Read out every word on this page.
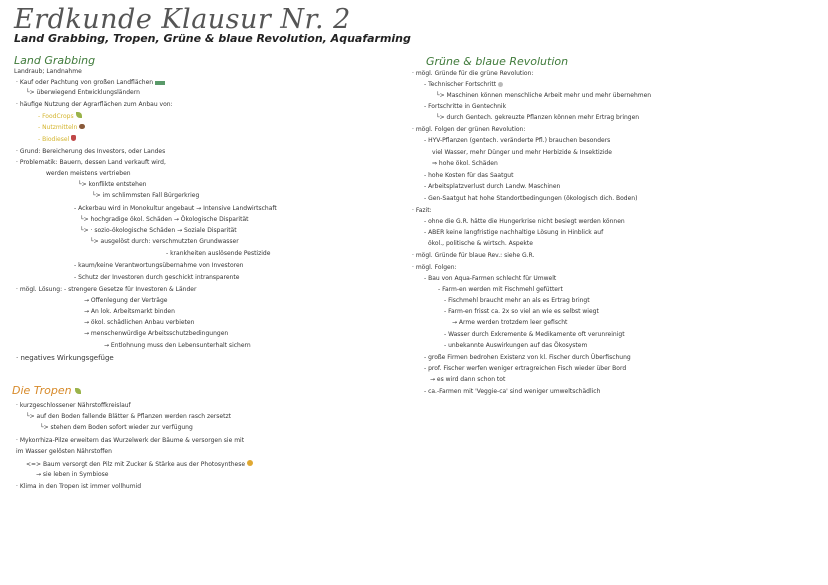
Erdkunde Klausur Nr. 2
Land Grabbing, Tropen, Grüne & blaue Revolution, Aquafarming
Land Grabbing
Landraub; Landnahme
· Kauf oder Pachtung von großen Landflächen
└> überwiegend Entwicklungsländern
· häufige Nutzung der Agrarflächen zum Anbau von:
- FoodCrops
- Nutzmitteln
- Biodiesel
· Grund: Bereicherung des Investors, oder Landes
· Problematik: Bauern, dessen Land verkauft wird,
werden meistens vertrieben
└> konflikte entstehen
└> im schlimmsten Fall Bürgerkrieg
- Ackerbau wird in Monokultur angebaut → Intensive Landwirtschaft
└> hochgradige ökol. Schäden → Ökologische Disparität
└> · sozio-ökologische Schäden → Soziale Disparität
└> ausgelöst durch: verschmutzten Grundwasser
- krankheiten auslösende Pestizide
- kaum/keine Verantwortungsübernahme von Investoren
- Schutz der Investoren durch geschickt intransparente
· mögl. Lösung: - strengere Gesetze für Investoren & Länder
→ Offenlegung der Verträge
→ An lok. Arbeitsmarkt binden
→ ökol. schädlichen Anbau verbieten
→ menschenwürdige Arbeitsschutzbedingungen
→ Entlohnung muss den Lebensunterhalt sichern
· negatives Wirkungsgefüge
Die Tropen
· kurzgeschlossener Nährstoffkreislauf
└> auf den Boden fallende Blätter & Pflanzen werden rasch zersetzt
└> stehen dem Boden sofort wieder zur verfügung
· Mykorrhiza-Pilze erweitern das Wurzelwerk der Bäume & versorgen sie mit
im Wasser gelösten Nährstoffen
<=> Baum versorgt den Pilz mit Zucker & Stärke aus der Photosynthese
→ sie leben in Symbiose
· Klima in den Tropen ist immer vollhumid
Grüne & blaue Revolution
· mögl. Gründe für die grüne Revolution:
- Technischer Fortschritt
└> Maschinen können menschliche Arbeit mehr und mehr übernehmen
- Fortschritte in Gentechnik
└> durch Gentech. gekreuzte Pflanzen können mehr Ertrag bringen
· mögl. Folgen der grünen Revolution:
- HYV-Pflanzen (gentech. veränderte Pfl.) brauchen besonders
viel Wasser, mehr Dünger und mehr Herbizide & Insektizide
⇒ hohe ökol. Schäden
- hohe Kosten für das Saatgut
- Arbeitsplatzverlust durch Landw. Maschinen
- Gen-Saatgut hat hohe Standortbedingungen (ökologisch dich. Boden)
· Fazit:
- ohne die G.R. hätte die Hungerkrise nicht besiegt werden können
- ABER keine langfristige nachhaltige Lösung in Hinblick auf
ökol., politische & wirtsch. Aspekte
· mögl. Gründe für blaue Rev.: siehe G.R.
· mögl. Folgen:
- Bau von Aqua-Farmen schlecht für Umwelt
- Farm-en werden mit Fischmehl gefüttert
- Fischmehl braucht mehr an als es Ertrag bringt
- Farm-en frisst ca. 2x so viel an wie es selbst wiegt
→ Arme werden trotzdem leer gefischt
- Wasser durch Exkremente & Medikamente oft verunreinigt
- unbekannte Auswirkungen auf das Ökosystem
- große Firmen bedrohen Existenz von kl. Fischer durch Überfischung
- prof. Fischer werfen weniger ertragreichen Fisch wieder über Bord
→ es wird dann schon tot
- ca.-Farmen mit 'Veggie-ca' sind weniger umweltschädlich
